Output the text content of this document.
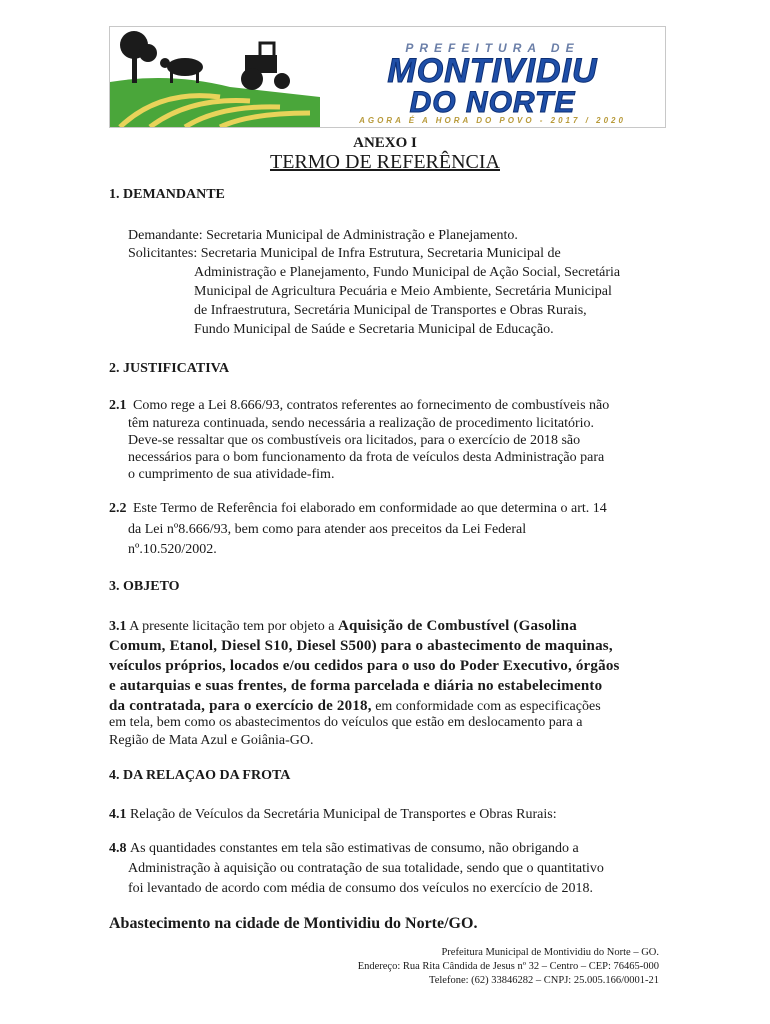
PREFEITURA DE
MONTIVIDIU
DO NORTE
AGORA É A HORA DO POVO - 2017 / 2020
ANEXO I
TERMO DE REFERÊNCIA
1. DEMANDANTE
Demandante: Secretaria Municipal de Administração e Planejamento.
Solicitantes: Secretaria Municipal de Infra Estrutura, Secretaria Municipal de
Administração e Planejamento, Fundo Municipal de Ação Social, Secretária
Municipal de Agricultura Pecuária e Meio Ambiente, Secretária Municipal
de Infraestrutura, Secretária Municipal de Transportes e Obras Rurais,
Fundo Municipal de Saúde e Secretaria Municipal de Educação.
2. JUSTIFICATIVA
2.1 Como rege a Lei 8.666/93, contratos referentes ao fornecimento de combustíveis não
têm natureza continuada, sendo necessária a realização de procedimento licitatório.
Deve-se ressaltar que os combustíveis ora licitados, para o exercício de 2018 são
necessários para o bom funcionamento da frota de veículos desta Administração para
o cumprimento de sua atividade-fim.
2.2 Este Termo de Referência foi elaborado em conformidade ao que determina o art. 14
da Lei nº8.666/93, bem como para atender aos preceitos da Lei Federal
nº.10.520/2002.
3. OBJETO
3.1 A presente licitação tem por objeto a Aquisição de Combustível (Gasolina
Comum, Etanol, Diesel S10, Diesel S500) para o abastecimento de maquinas,
veículos próprios, locados e/ou cedidos para o uso do Poder Executivo, órgãos
e autarquias e suas frentes, de forma parcelada e diária no estabelecimento
da contratada, para o exercício de 2018, em conformidade com as especificações
em tela, bem como os abastecimentos do veículos que estão em deslocamento para a
Região de Mata Azul e Goiânia-GO.
4. DA RELAÇAO DA FROTA
4.1 Relação de Veículos da Secretária Municipal de Transportes e Obras Rurais:
4.8 As quantidades constantes em tela são estimativas de consumo, não obrigando a
Administração à aquisição ou contratação de sua totalidade, sendo que o quantitativo
foi levantado de acordo com média de consumo dos veículos no exercício de 2018.
Abastecimento na cidade de Montividiu do Norte/GO.
Prefeitura Municipal de Montividiu do Norte – GO.
Endereço: Rua Rita Cândida de Jesus nº 32 – Centro – CEP: 76465-000
Telefone: (62) 33846282 – CNPJ: 25.005.166/0001-21
